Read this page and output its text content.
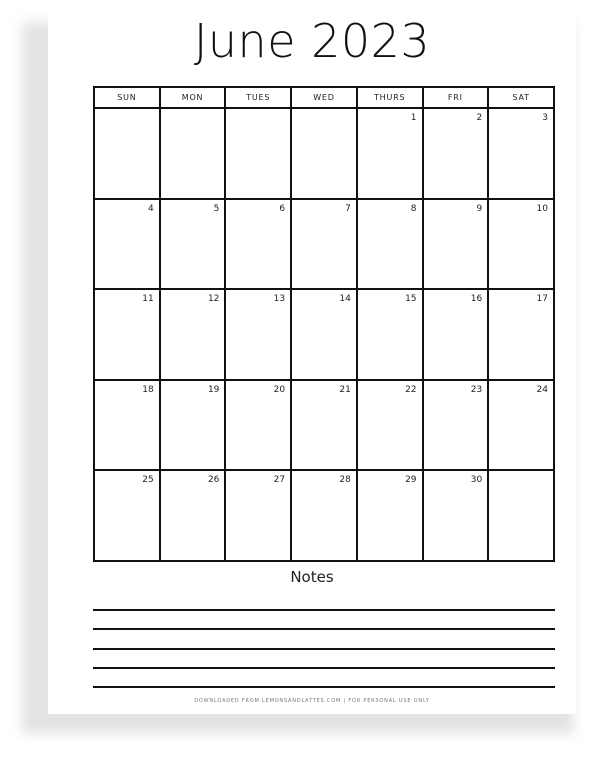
June 2023
SUN	MON	TUES	WED	THURS	FRI	SAT
				1	2	3
4	5	6	7	8	9	10
11	12	13	14	15	16	17
18	19	20	21	22	23	24
25	26	27	28	29	30	
Notes
DOWNLOADED FROM LEMONSANDLATTES.COM | FOR PERSONAL USE ONLY
